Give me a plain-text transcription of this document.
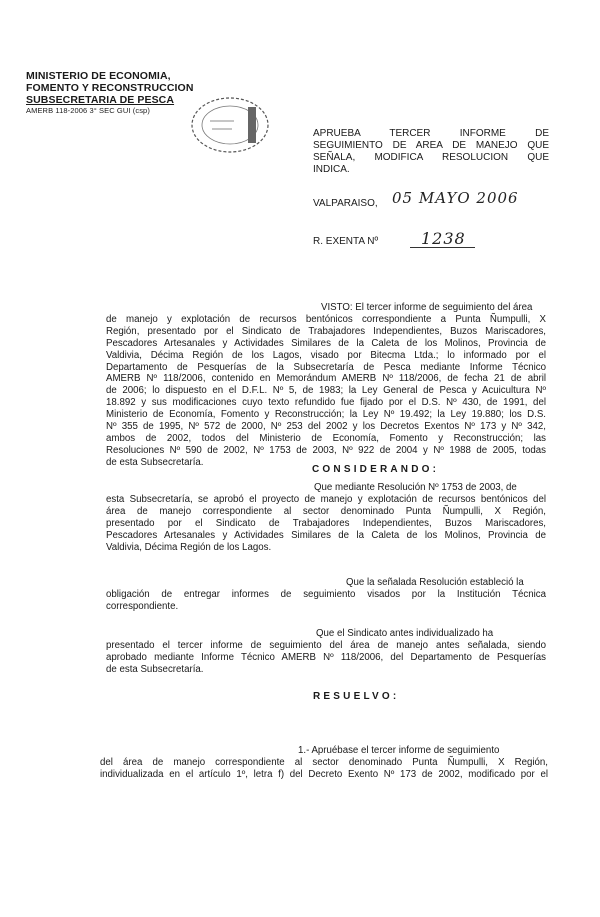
MINISTERIO DE ECONOMIA,
FOMENTO Y RECONSTRUCCION
SUBSECRETARIA DE PESCA
AMERB 118-2006 3° SEC GUI (csp)
APRUEBA TERCER INFORME DE
SEGUIMIENTO DE AREA DE MANEJO QUE
SEÑALA, MODIFICA RESOLUCION QUE
INDICA.
VALPARAISO, 05 MAYO 2006
R. EXENTA Nº	1238
VISTO: El tercer informe de seguimiento del área
de manejo y explotación de recursos bentónicos correspondiente a Punta Ñumpulli, X
Región, presentado por el Sindicato de Trabajadores Independientes, Buzos Mariscadores,
Pescadores Artesanales y Actividades Similares de la Caleta de los Molinos, Provincia de
Valdivia, Décima Región de los Lagos, visado por Bitecma Ltda.; lo informado por el
Departamento de Pesquerías de la Subsecretaría de Pesca mediante Informe Técnico
AMERB Nº 118/2006, contenido en Memorándum AMERB Nº 118/2006, de fecha 21 de abril
de 2006; lo dispuesto en el D.F.L. Nº 5, de 1983; la Ley General de Pesca y Acuicultura Nº
18.892 y sus modificaciones cuyo texto refundido fue fijado por el D.S. Nº 430, de 1991, del
Ministerio de Economía, Fomento y Reconstrucción; la Ley Nº 19.492; la Ley 19.880; los D.S.
Nº 355 de 1995, Nº 572 de 2000, Nº 253 del 2002 y los Decretos Exentos Nº 173 y Nº 342,
ambos de 2002, todos del Ministerio de Economía, Fomento y Reconstrucción; las
Resoluciones Nº 590 de 2002, Nº 1753 de 2003, Nº 922 de 2004 y Nº 1988 de 2005, todas
de esta Subsecretaría.
CONSIDERANDO:
Que mediante Resolución Nº 1753 de 2003, de
esta Subsecretaría, se aprobó el proyecto de manejo y explotación de recursos bentónicos del
área de manejo correspondiente al sector denominado Punta Ñumpulli, X Región,
presentado por el Sindicato de Trabajadores Independientes, Buzos Mariscadores,
Pescadores Artesanales y Actividades Similares de la Caleta de los Molinos, Provincia de
Valdivia, Décima Región de los Lagos.
Que la señalada Resolución estableció la
obligación de entregar informes de seguimiento visados por la Institución Técnica
correspondiente.
Que el Sindicato antes individualizado ha
presentado el tercer informe de seguimiento del área de manejo antes señalada, siendo
aprobado mediante Informe Técnico AMERB Nº 118/2006, del Departamento de Pesquerías
de esta Subsecretaría.
RESUELVO:
1.- Apruébase el tercer informe de seguimiento
del área de manejo correspondiente al sector denominado Punta Ñumpulli, X Región,
individualizada en el artículo 1º, letra f) del Decreto Exento Nº 173 de 2002, modificado por el
